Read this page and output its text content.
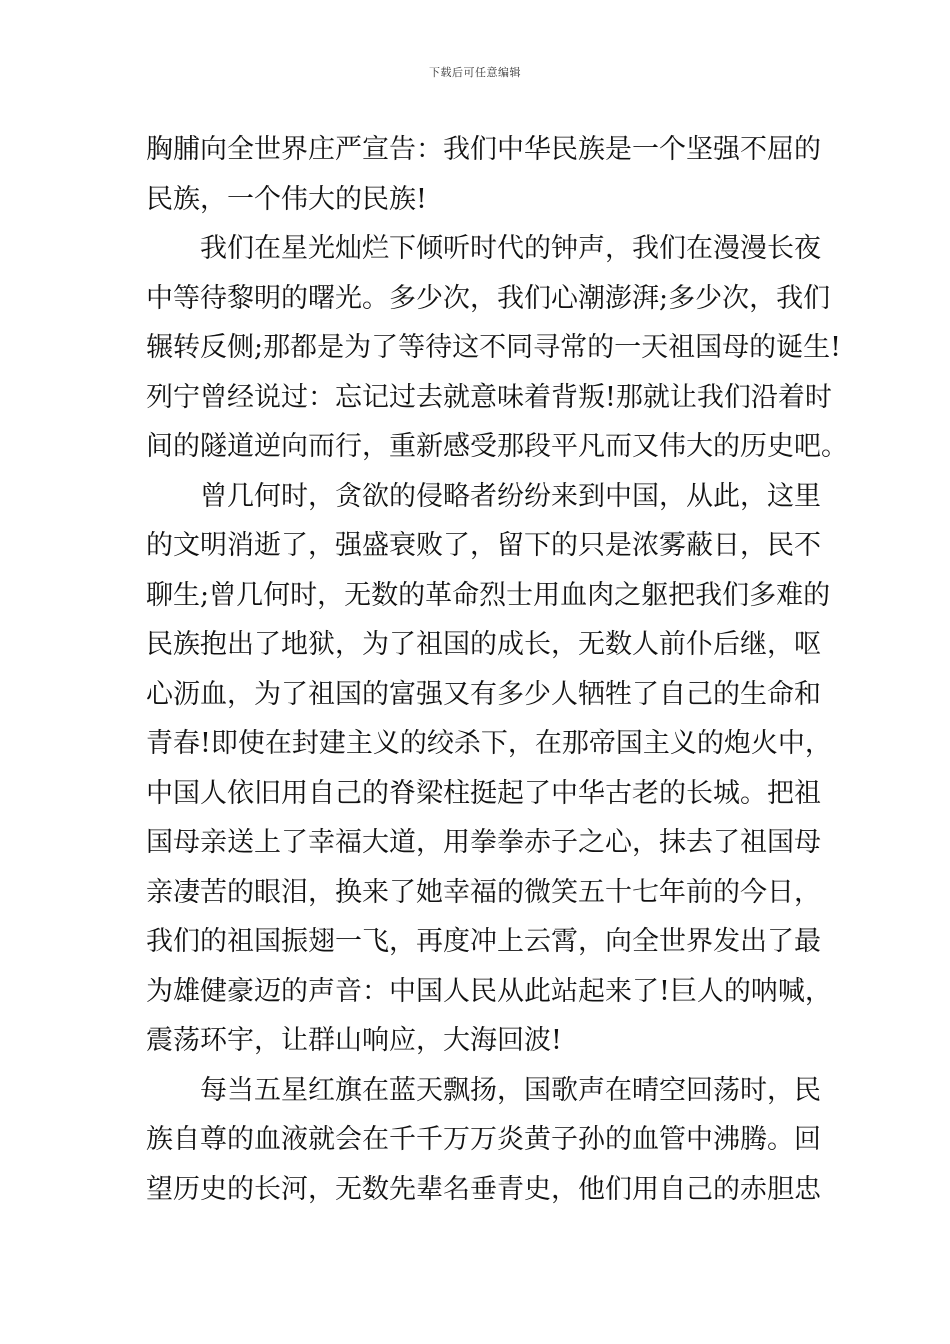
下载后可任意编辑
胸脯向全世界庄严宣告：我们中华民族是一个坚强不屈的
民族，一个伟大的民族!
我们在星光灿烂下倾听时代的钟声，我们在漫漫长夜
中等待黎明的曙光。多少次，我们心潮澎湃;多少次，我们
辗转反侧;那都是为了等待这不同寻常的一天祖国母的诞生!
列宁曾经说过：忘记过去就意味着背叛!那就让我们沿着时
间的隧道逆向而行，重新感受那段平凡而又伟大的历史吧。
曾几何时，贪欲的侵略者纷纷来到中国，从此，这里
的文明消逝了，强盛衰败了，留下的只是浓雾蔽日，民不
聊生;曾几何时，无数的革命烈士用血肉之躯把我们多难的
民族抱出了地狱，为了祖国的成长，无数人前仆后继，呕
心沥血，为了祖国的富强又有多少人牺牲了自己的生命和
青春!即使在封建主义的绞杀下，在那帝国主义的炮火中，
中国人依旧用自己的脊梁柱挺起了中华古老的长城。把祖
国母亲送上了幸福大道，用拳拳赤子之心，抹去了祖国母
亲凄苦的眼泪，换来了她幸福的微笑五十七年前的今日，
我们的祖国振翅一飞，再度冲上云霄，向全世界发出了最
为雄健豪迈的声音：中国人民从此站起来了!巨人的呐喊，
震荡环宇，让群山响应，大海回波!
每当五星红旗在蓝天飘扬，国歌声在晴空回荡时，民
族自尊的血液就会在千千万万炎黄子孙的血管中沸腾。回
望历史的长河，无数先辈名垂青史，他们用自己的赤胆忠
